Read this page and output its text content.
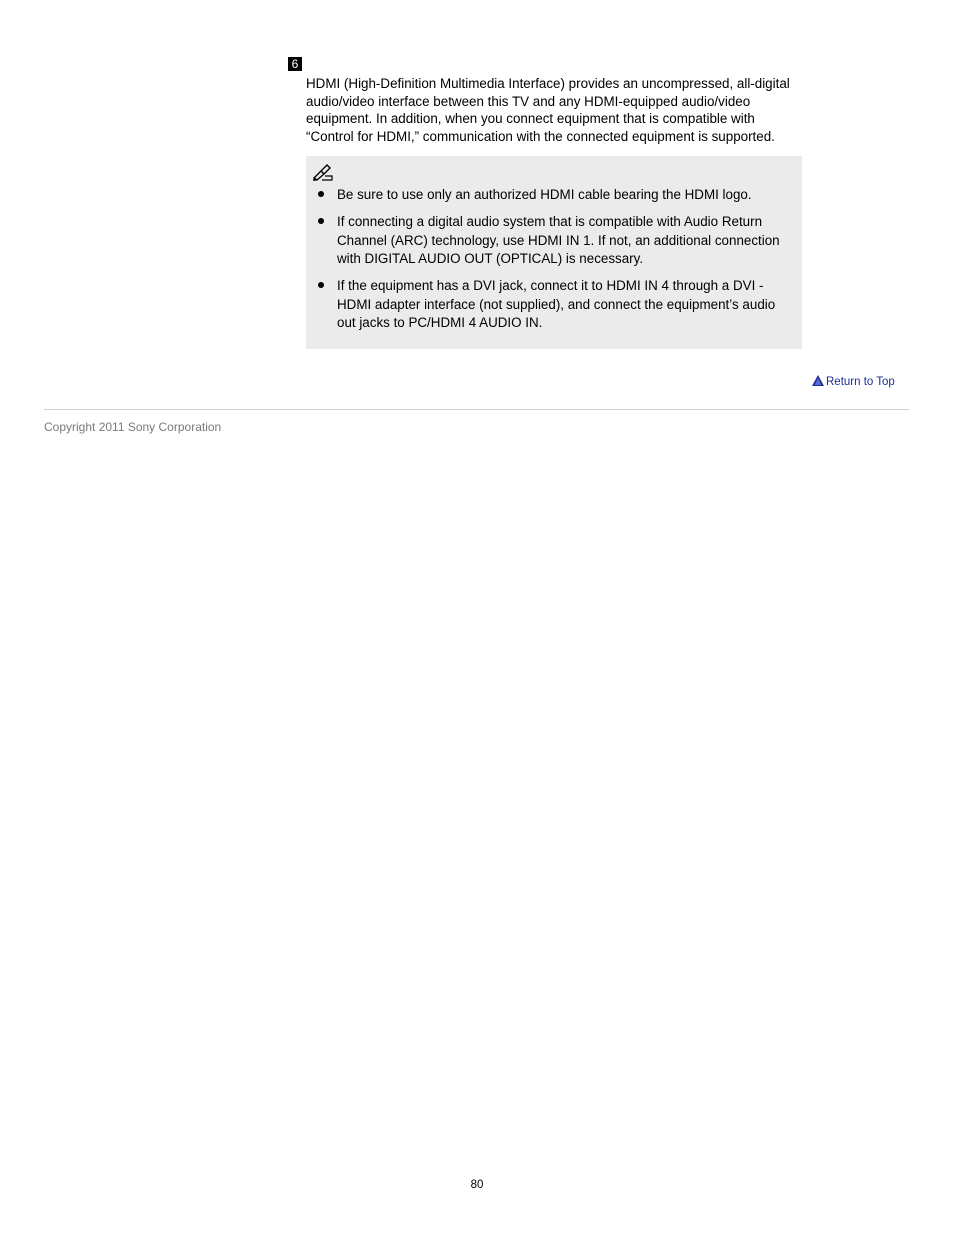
6

HDMI (High-Definition Multimedia Interface) provides an uncompressed, all-digital audio/video interface between this TV and any HDMI-equipped audio/video equipment. In addition, when you connect equipment that is compatible with “Control for HDMI,” communication with the connected equipment is supported.

Be sure to use only an authorized HDMI cable bearing the HDMI logo.
If connecting a digital audio system that is compatible with Audio Return Channel (ARC) technology, use HDMI IN 1. If not, an additional connection with DIGITAL AUDIO OUT (OPTICAL) is necessary.
If the equipment has a DVI jack, connect it to HDMI IN 4 through a DVI - HDMI adapter interface (not supplied), and connect the equipment’s audio out jacks to PC/HDMI 4 AUDIO IN.
Return to Top
Copyright 2011 Sony Corporation
80
